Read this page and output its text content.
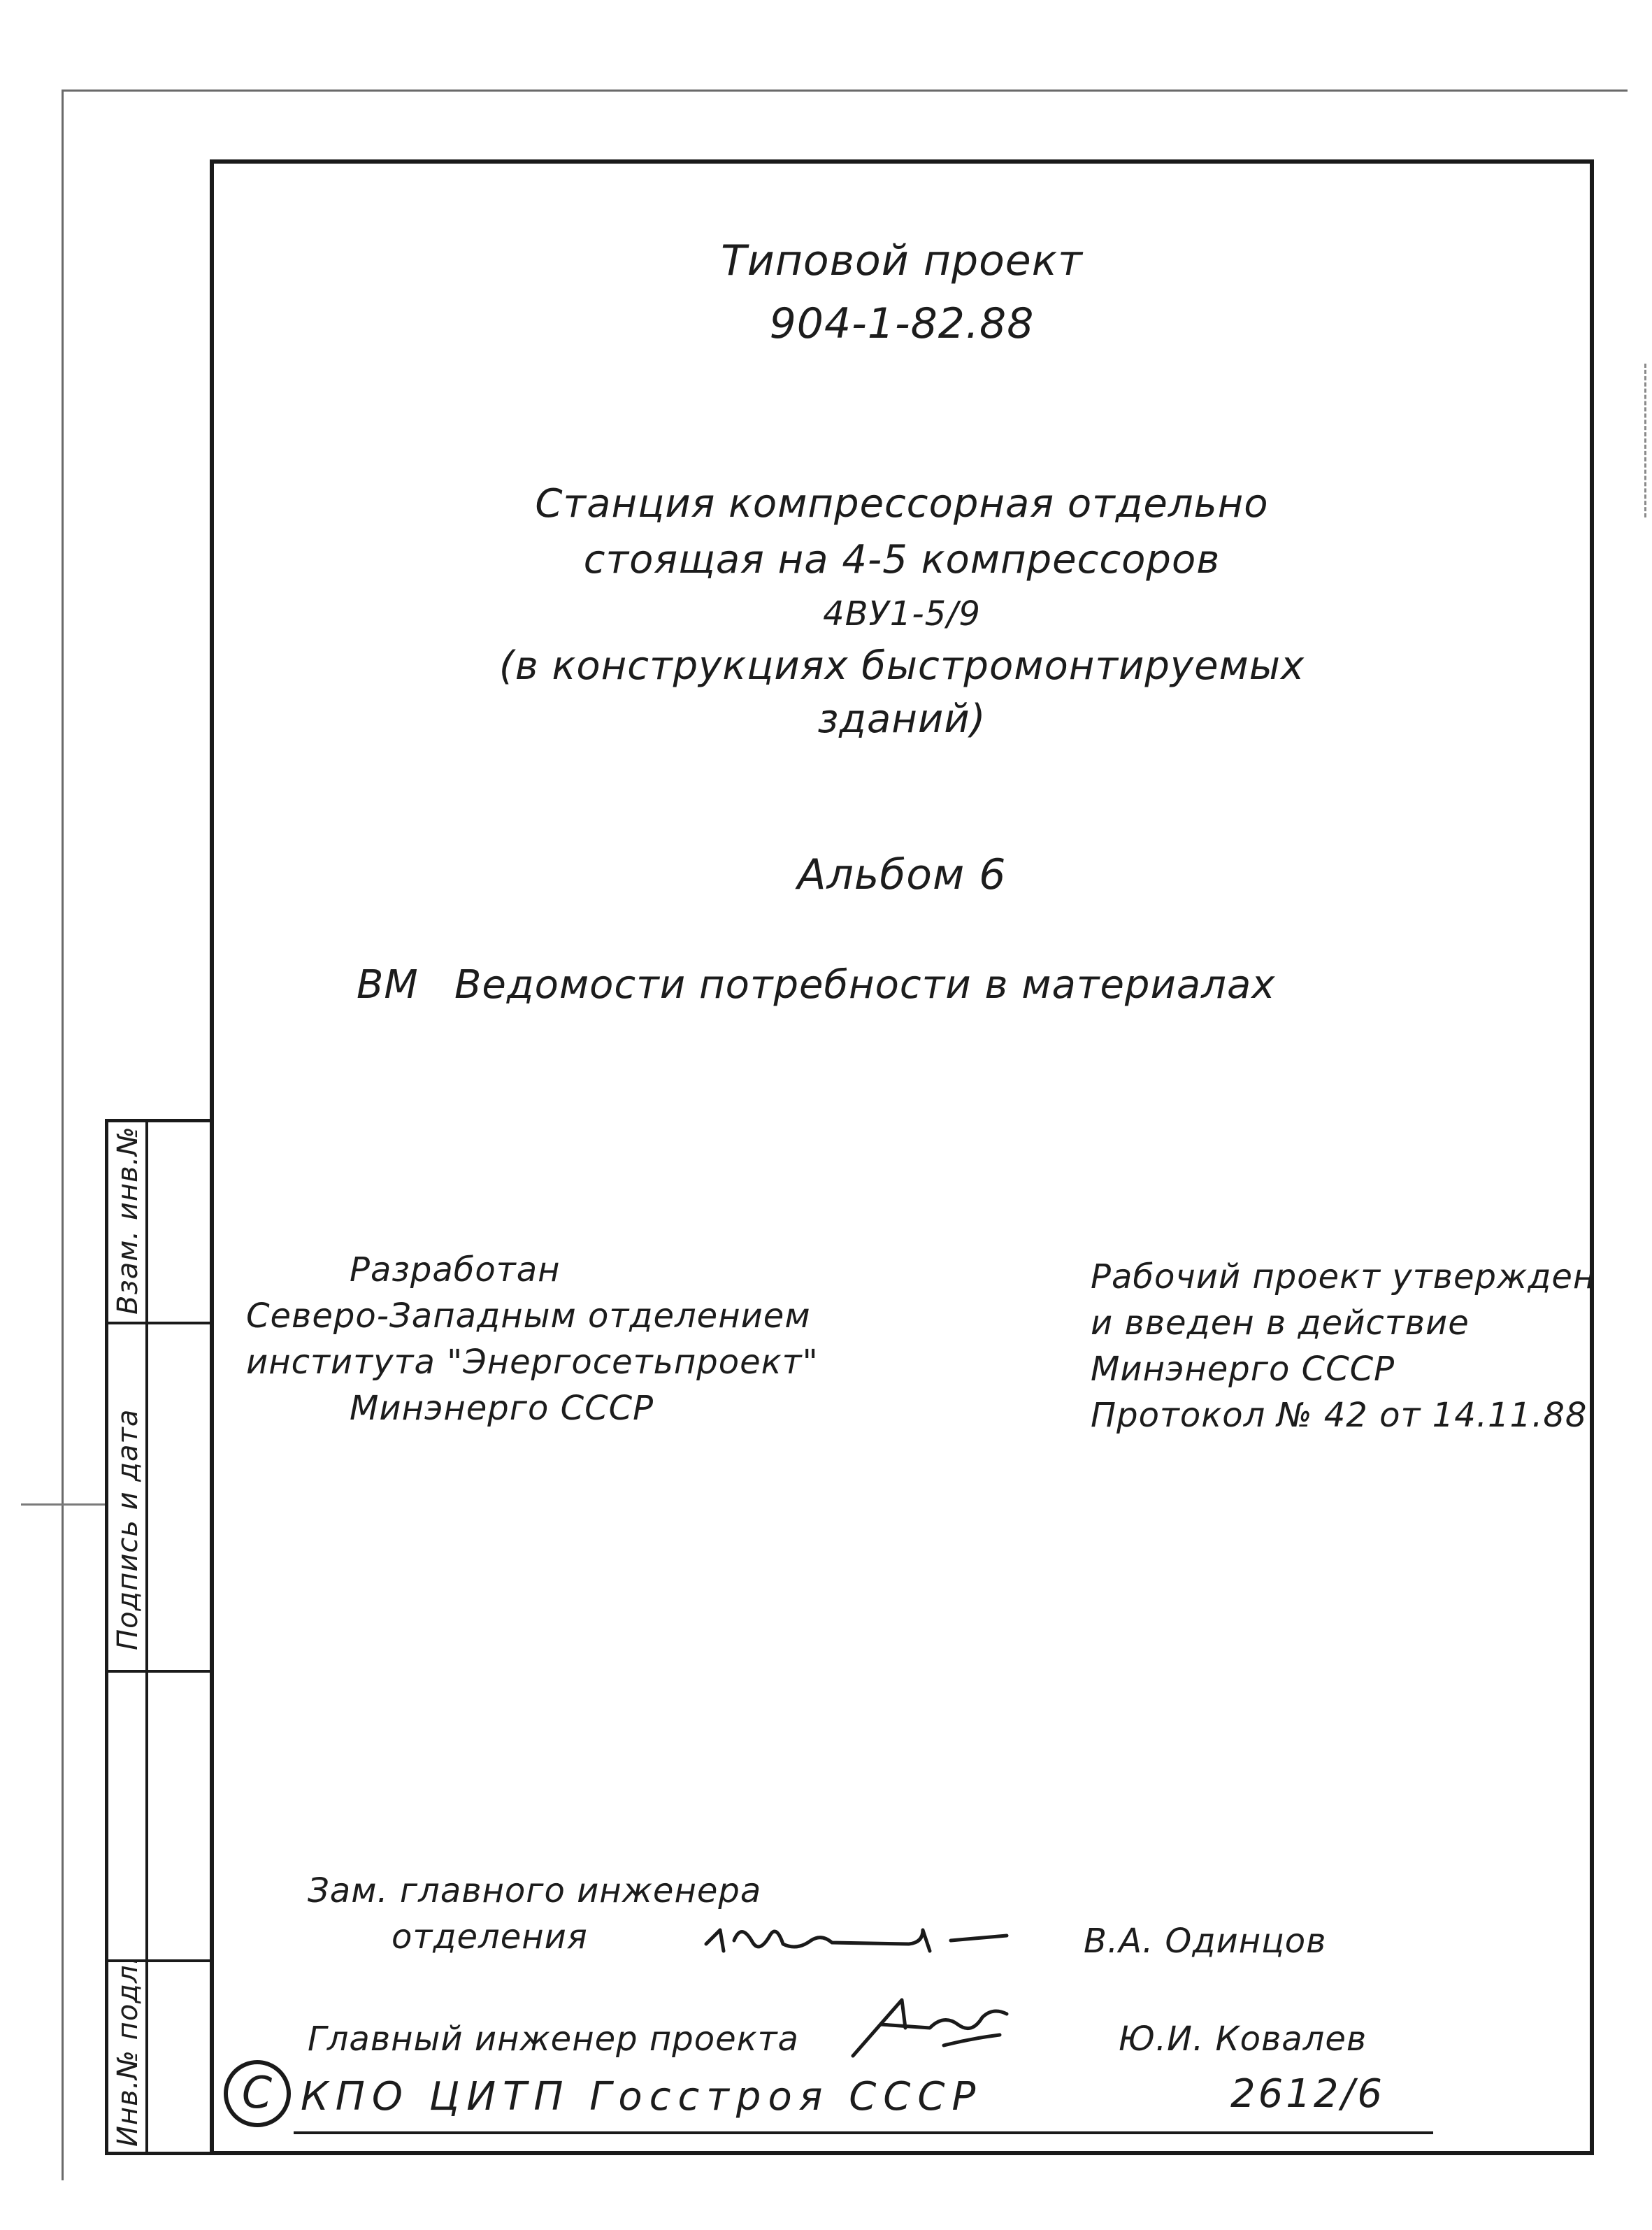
Взам. инв.№
Подпись и дата
Инв.№ подл.
Типовой проект
904-1-82.88
Станция компрессорная отдельно
стоящая на 4-5 компрессоров
4ВУ1-5/9
(в конструкциях быстромонтируемых
зданий)
Альбом 6
ВМ Ведомости потребности в материалах
Разработан
Северо-Западным отделением
института "Энергосетьпроект"
Минэнерго СССР
Рабочий проект утвержден
и введен в действие
Минэнерго СССР
Протокол № 42 от 14.11.88
Зам. главного инженера
отделения	В.А. Одинцов
Главный инженер проекта	Ю.И. Ковалев
C КПО ЦИТП Госстроя СССР	2612/6
